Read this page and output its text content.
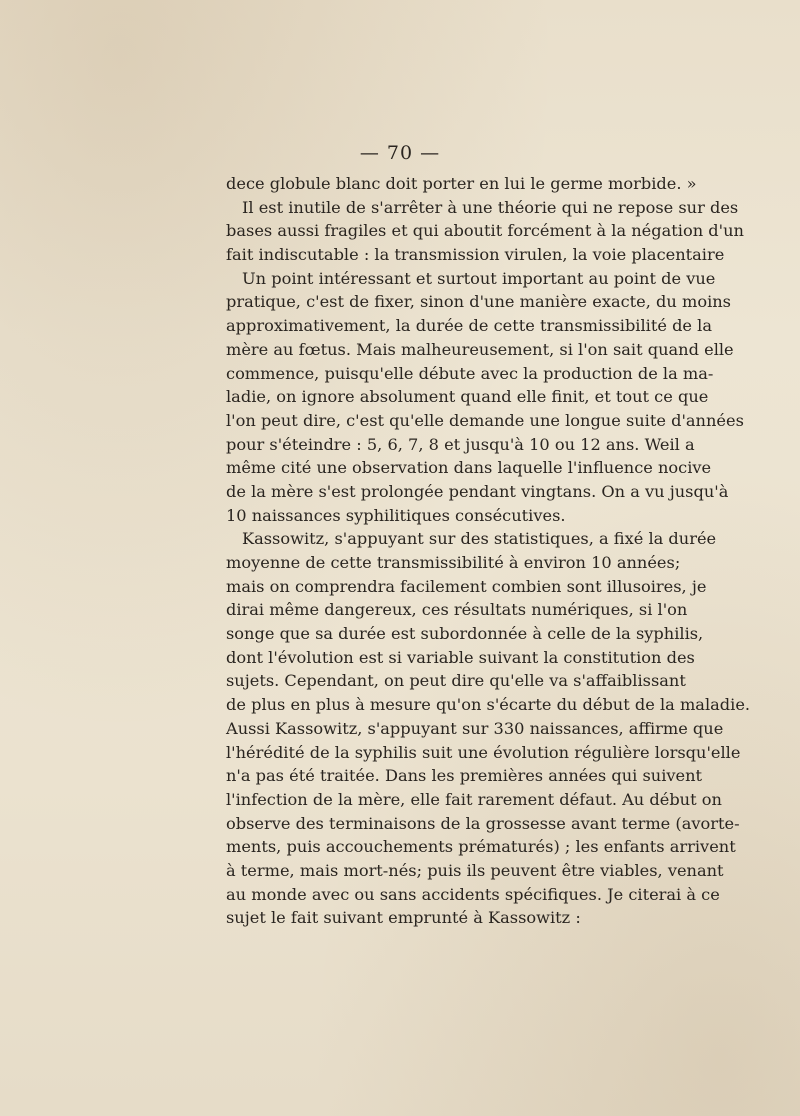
— 70 —
dece globule blanc doit porter en lui le germe morbide. »
Il est inutile de s'arrêter à une théorie qui ne repose sur des
bases aussi fragiles et qui aboutit forcément à la négation d'un
fait indiscutable : la transmission virulen, la voie placentaire
Un point intéressant et surtout important au point de vue
pratique, c'est de fixer, sinon d'une manière exacte, du moins
approximativement, la durée de cette transmissibilité de la
mère au fœtus. Mais malheureusement, si l'on sait quand elle
commence, puisqu'elle débute avec la production de la ma-
ladie, on ignore absolument quand elle finit, et tout ce que
l'on peut dire, c'est qu'elle demande une longue suite d'années
pour s'éteindre : 5, 6, 7, 8 et jusqu'à 10 ou 12 ans. Weil a
même cité une observation dans laquelle l'influence nocive
de la mère s'est prolongée pendant vingtans. On a vu jusqu'à
10 naissances syphilitiques consécutives.
Kassowitz, s'appuyant sur des statistiques, a fixé la durée
moyenne de cette transmissibilité à environ 10 années;
mais on comprendra facilement combien sont illusoires, je
dirai même dangereux, ces résultats numériques, si l'on
songe que sa durée est subordonnée à celle de la syphilis,
dont l'évolution est si variable suivant la constitution des
sujets. Cependant, on peut dire qu'elle va s'affaiblissant
de plus en plus à mesure qu'on s'écarte du début de la maladie.
Aussi Kassowitz, s'appuyant sur 330 naissances, affirme que
l'hérédité de la syphilis suit une évolution régulière lorsqu'elle
n'a pas été traitée. Dans les premières années qui suivent
l'infection de la mère, elle fait rarement défaut. Au début on
observe des terminaisons de la grossesse avant terme (avorte-
ments, puis accouchements prématurés) ; les enfants arrivent
à terme, mais mort-nés; puis ils peuvent être viables, venant
au monde avec ou sans accidents spécifiques. Je citerai à ce
sujet le fait suivant emprunté à Kassowitz :
